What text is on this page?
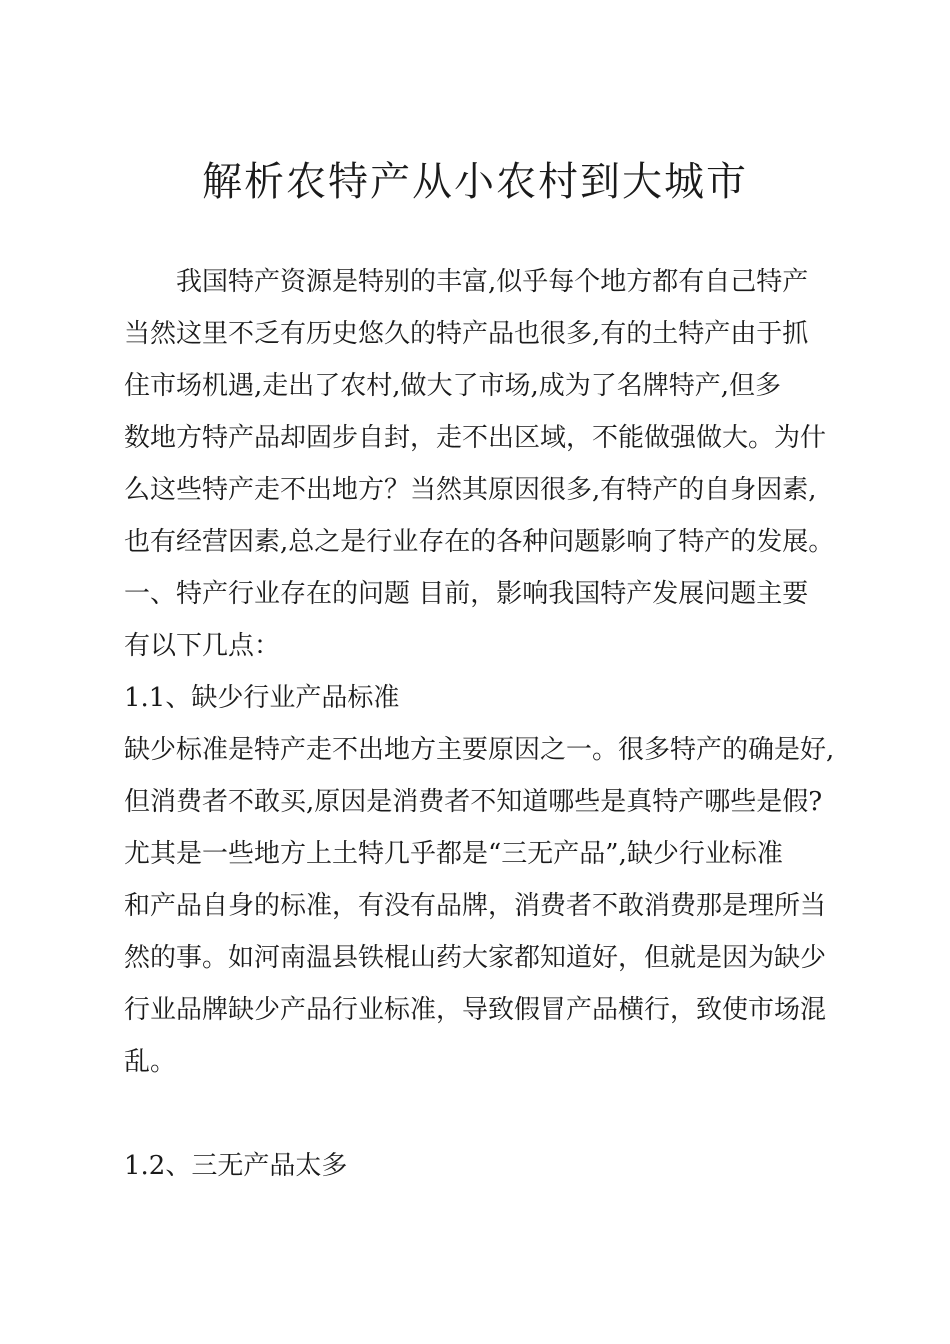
解析农特产从小农村到大城市

我国特产资源是特别的丰富,似乎每个地方都有自己特产

当然这里不乏有历史悠久的特产品也很多,有的土特产由于抓

住市场机遇,走出了农村,做大了市场,成为了名牌特产,但多

数地方特产品却固步自封，走不出区域，不能做强做大。为什

么这些特产走不出地方？当然其原因很多,有特产的自身因素,

也有经营因素,总之是行业存在的各种问题影响了特产的发展。

一、特产行业存在的问题 目前，影响我国特产发展问题主要

有以下几点：

1.1、缺少行业产品标准

缺少标准是特产走不出地方主要原因之一。很多特产的确是好,

但消费者不敢买,原因是消费者不知道哪些是真特产哪些是假?

尤其是一些地方上土特几乎都是“三无产品”,缺少行业标准

和产品自身的标准，有没有品牌，消费者不敢消费那是理所当

然的事。如河南温县铁棍山药大家都知道好，但就是因为缺少

行业品牌缺少产品行业标准，导致假冒产品横行，致使市场混

乱。

1.2、三无产品太多
